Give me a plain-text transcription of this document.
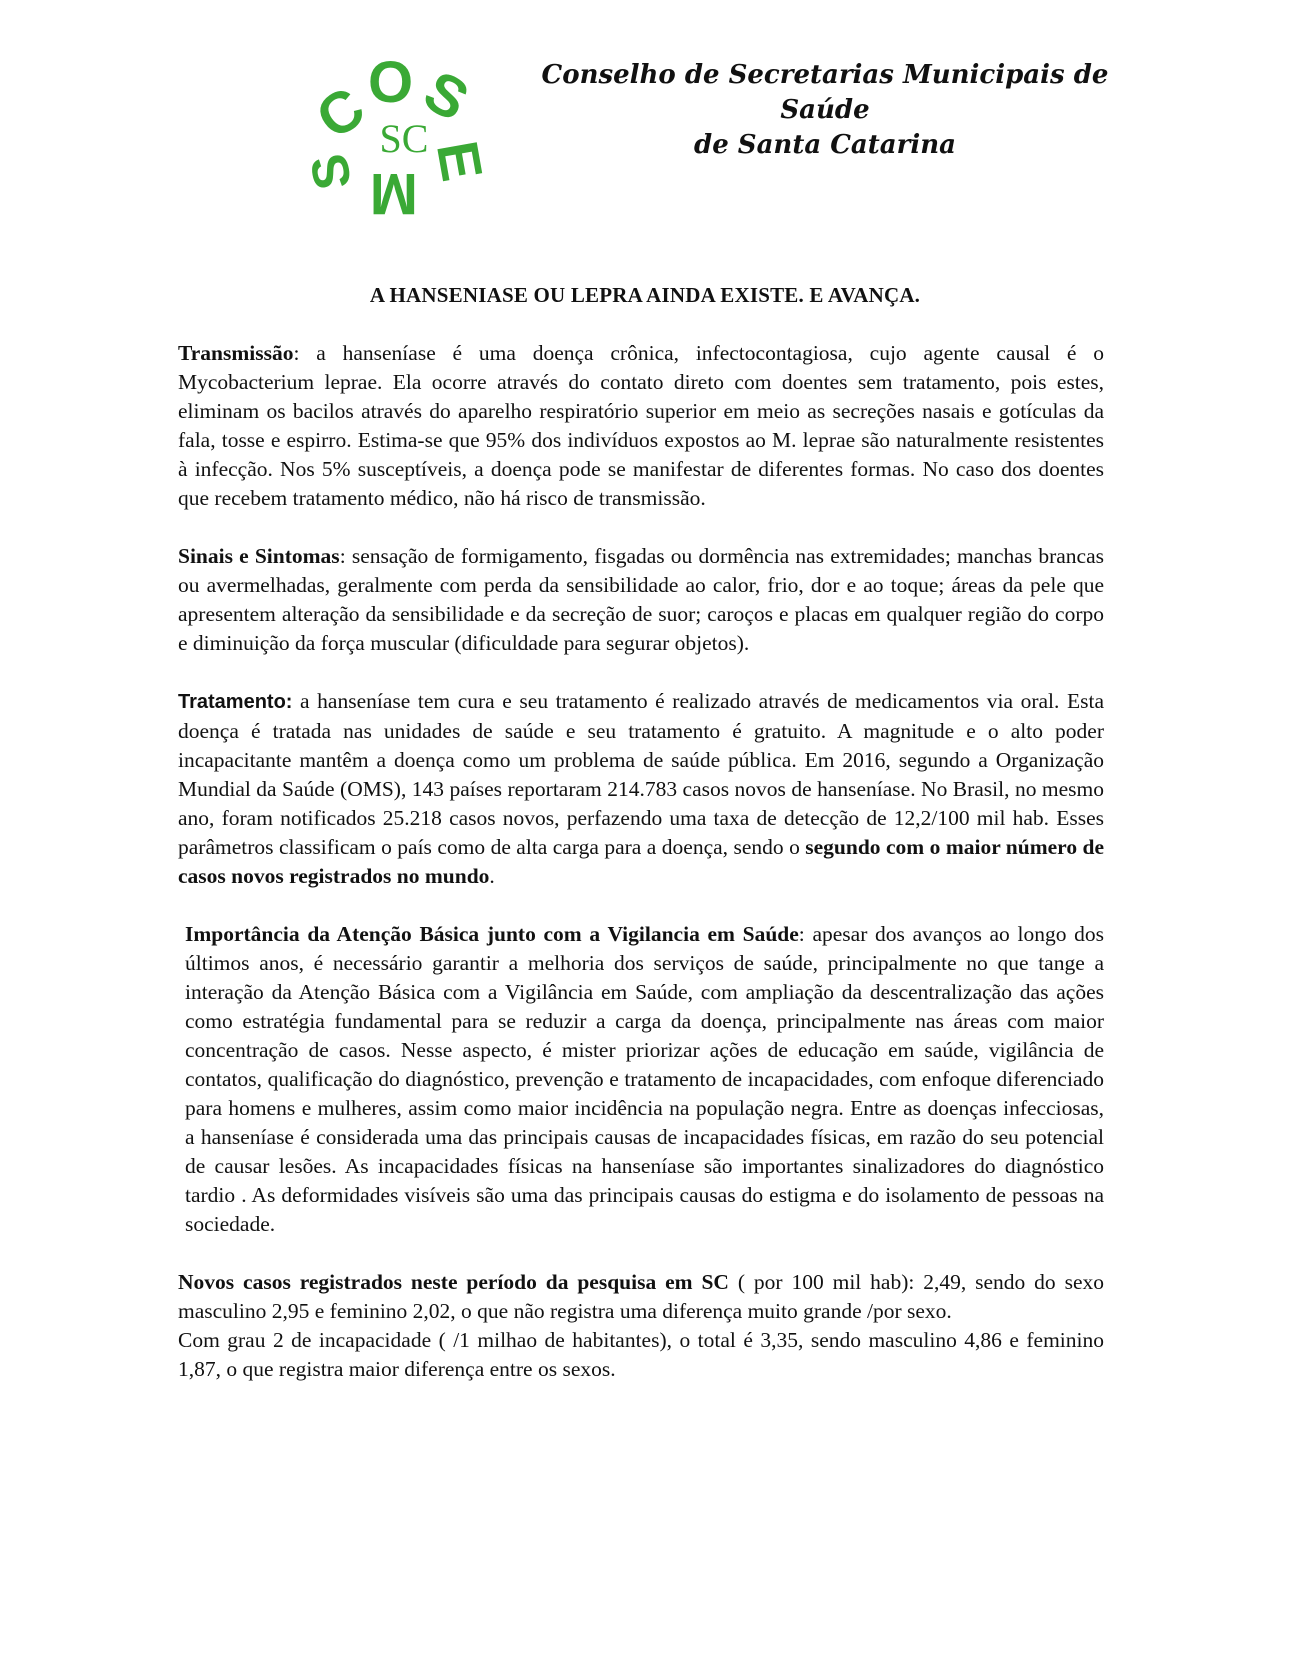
C
O S
E
M
S
SC
Conselho de Secretarias Municipais de
Saúde
de Santa Catarina
A HANSENIASE OU LEPRA AINDA EXISTE. E AVANÇA.

Transmissão: a hanseníase é uma doença crônica, infectocontagiosa, cujo agente causal é o Mycobacterium leprae. Ela ocorre através do contato direto com doentes sem tratamento, pois estes, eliminam os bacilos através do aparelho respiratório superior em meio as secreções nasais e gotículas da fala, tosse e espirro. Estima-se que 95% dos indivíduos expostos ao M. leprae são naturalmente resistentes à infecção. Nos 5% susceptíveis, a doença pode se manifestar de diferentes formas. No caso dos doentes que recebem tratamento médico, não há risco de transmissão.

Sinais e Sintomas: sensação de formigamento, fisgadas ou dormência nas extremidades; manchas brancas ou avermelhadas, geralmente com perda da sensibilidade ao calor, frio, dor e ao toque; áreas da pele que apresentem alteração da sensibilidade e da secreção de suor; caroços e placas em qualquer região do corpo e diminuição da força muscular (dificuldade para segurar objetos).

Tratamento: a hanseníase tem cura e seu tratamento é realizado através de medicamentos via oral. Esta doença é tratada nas unidades de saúde e seu tratamento é gratuito. A magnitude e o alto poder incapacitante mantêm a doença como um problema de saúde pública. Em 2016, segundo a Organização Mundial da Saúde (OMS), 143 países reportaram 214.783 casos novos de hanseníase. No Brasil, no mesmo ano, foram notificados 25.218 casos novos, perfazendo uma taxa de detecção de 12,2/100 mil hab. Esses parâmetros classificam o país como de alta carga para a doença, sendo o segundo com o maior número de casos novos registrados no mundo.

Importância da Atenção Básica junto com a Vigilancia em Saúde: apesar dos avanços ao longo dos últimos anos, é necessário garantir a melhoria dos serviços de saúde, principalmente no que tange a interação da Atenção Básica com a Vigilância em Saúde, com ampliação da descentralização das ações como estratégia fundamental para se reduzir a carga da doença, principalmente nas áreas com maior concentração de casos. Nesse aspecto, é mister priorizar ações de educação em saúde, vigilância de contatos, qualificação do diagnóstico, prevenção e tratamento de incapacidades, com enfoque diferenciado para homens e mulheres, assim como maior incidência na população negra. Entre as doenças infecciosas, a hanseníase é considerada uma das principais causas de incapacidades físicas, em razão do seu potencial de causar lesões. As incapacidades físicas na hanseníase são importantes sinalizadores do diagnóstico tardio . As deformidades visíveis são uma das principais causas do estigma e do isolamento de pessoas na sociedade.

Novos casos registrados neste período da pesquisa em SC ( por 100 mil hab): 2,49, sendo do sexo masculino 2,95 e feminino 2,02, o que não registra uma diferença muito grande /por sexo.

Com grau 2 de incapacidade ( /1 milhao de habitantes), o total é 3,35, sendo masculino 4,86 e feminino 1,87, o que registra maior diferença entre os sexos.
